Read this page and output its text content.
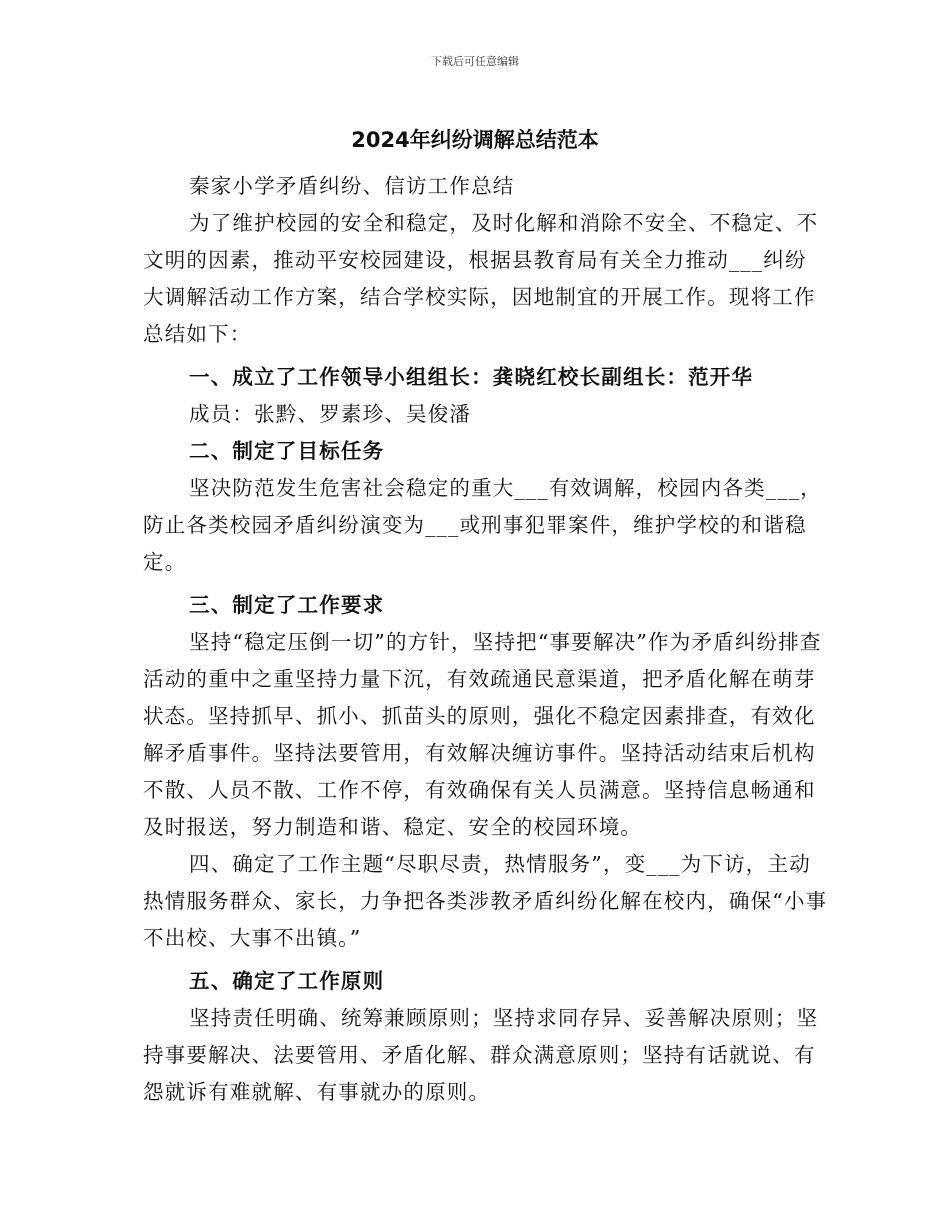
下载后可任意编辑
2024年纠纷调解总结范本

秦家小学矛盾纠纷、信访工作总结

为了维护校园的安全和稳定，及时化解和消除不安全、不稳定、不文明的因素，推动平安校园建设，根据县教育局有关全力推动___纠纷大调解活动工作方案，结合学校实际，因地制宜的开展工作。现将工作总结如下：

一、成立了工作领导小组组长：龚晓红校长副组长：范开华

成员：张黔、罗素珍、吴俊潘

二、制定了目标任务

坚决防范发生危害社会稳定的重大___有效调解，校园内各类___，防止各类校园矛盾纠纷演变为___或刑事犯罪案件，维护学校的和谐稳定。

三、制定了工作要求

坚持“稳定压倒一切”的方针，坚持把“事要解决”作为矛盾纠纷排查活动的重中之重坚持力量下沉，有效疏通民意渠道，把矛盾化解在萌芽状态。坚持抓早、抓小、抓苗头的原则，强化不稳定因素排查，有效化解矛盾事件。坚持法要管用，有效解决缠访事件。坚持活动结束后机构不散、人员不散、工作不停，有效确保有关人员满意。坚持信息畅通和及时报送，努力制造和谐、稳定、安全的校园环境。

四、确定了工作主题“尽职尽责，热情服务”，变___为下访，主动热情服务群众、家长，力争把各类涉教矛盾纠纷化解在校内，确保“小事不出校、大事不出镇。”

五、确定了工作原则

坚持责任明确、统筹兼顾原则；坚持求同存异、妥善解决原则；坚持事要解决、法要管用、矛盾化解、群众满意原则；坚持有话就说、有怨就诉有难就解、有事就办的原则。
